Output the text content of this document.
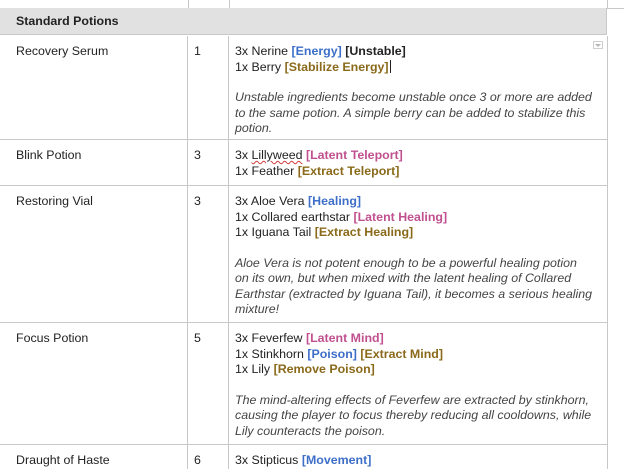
Standard Potions
Recovery Serum	1	3x Nerine [Energy] [Unstable]
1x Berry [Stabilize Energy]
Unstable ingredients become unstable once 3 or more are added to the same potion. A simple berry can be added to stabilize this potion.
Blink Potion	3	3x Lillyweed [Latent Teleport]
1x Feather [Extract Teleport]
Restoring Vial	3	3x Aloe Vera [Healing]
1x Collared earthstar [Latent Healing]
1x Iguana Tail [Extract Healing]
Aloe Vera is not potent enough to be a powerful healing potion on its own, but when mixed with the latent healing of Collared Earthstar (extracted by Iguana Tail), it becomes a serious healing mixture!
Focus Potion	5	3x Feverfew [Latent Mind]
1x Stinkhorn [Poison] [Extract Mind]
1x Lily [Remove Poison]
The mind-altering effects of Feverfew are extracted by stinkhorn, causing the player to focus thereby reducing all cooldowns, while Lily counteracts the poison.
Draught of Haste	6	3x Stipticus [Movement]
